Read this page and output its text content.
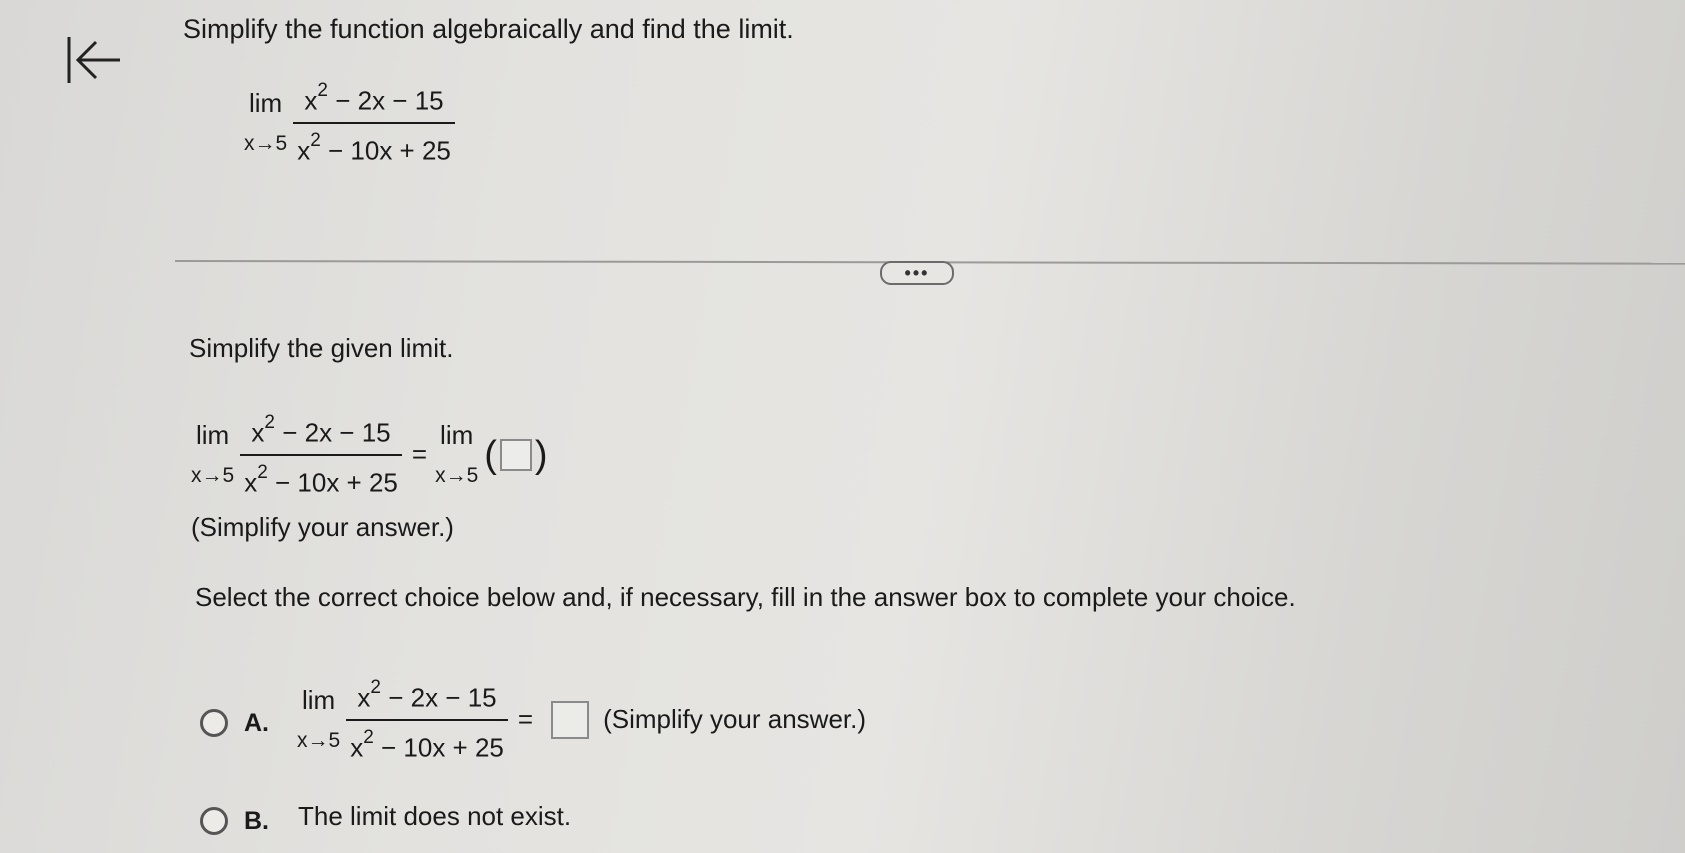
Simplify the function algebraically and find the limit.
lim
$x\to 5 \frac{x^2 - 2x - 15}{x^2 - 10x + 25}$
•••
Simplify the given limit.
lim
$x\to 5 \frac{x^2 - 2x - 15}{x^2 - 10x + 25}$ =
lim
x→5 ( )
(Simplify your answer.)
Select the correct choice below and, if necessary, fill in the answer box to complete your choice.
A.
lim
$x\to 5 \frac{x^2 - 2x - 15}{x^2 - 10x + 25}$ =	(Simplify your answer.)
B. The limit does not exist.
